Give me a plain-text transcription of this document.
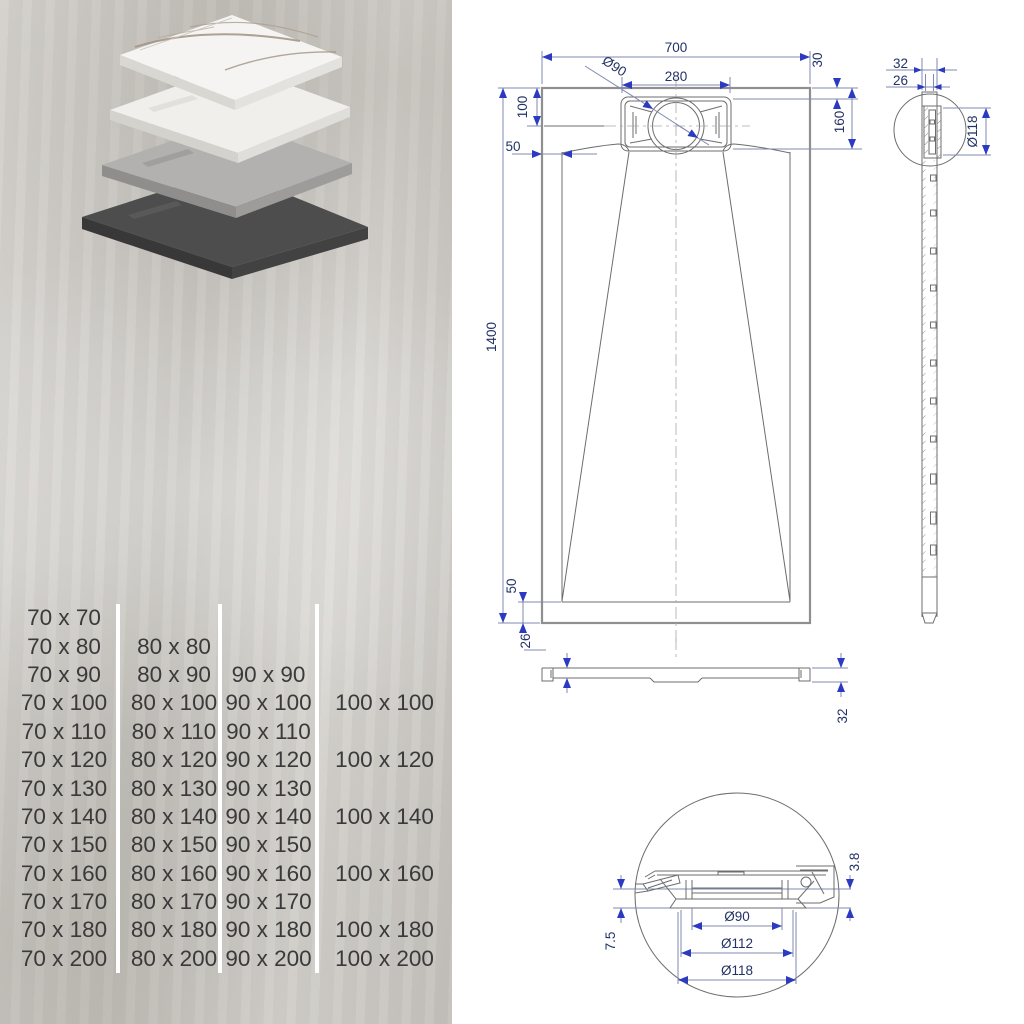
70 x 70
70 x 80	80 x 80
70 x 90	80 x 90 90 x 90
70 x 100	80 x 100 90 x 100	100 x 100
70 x 110	80 x 110 90 x 110
70 x 120	80 x 120 90 x 120	100 x 120
70 x 130	80 x 130 90 x 130
70 x 140	80 x 140 90 x 140	100 x 140
70 x 150	80 x 150 90 x 150
70 x 160	80 x 160 90 x 160	100 x 160
70 x 170	80 x 170 90 x 170
70 x 180	80 x 180 90 x 180	100 x 180
70 x 200	80 x 200 90 x 200	100 x 200
700
280
Ø90
100
50
1400
50
30
160
26
32
32
26
Ø118
Ø90
Ø112
Ø118
3.8
7.5
